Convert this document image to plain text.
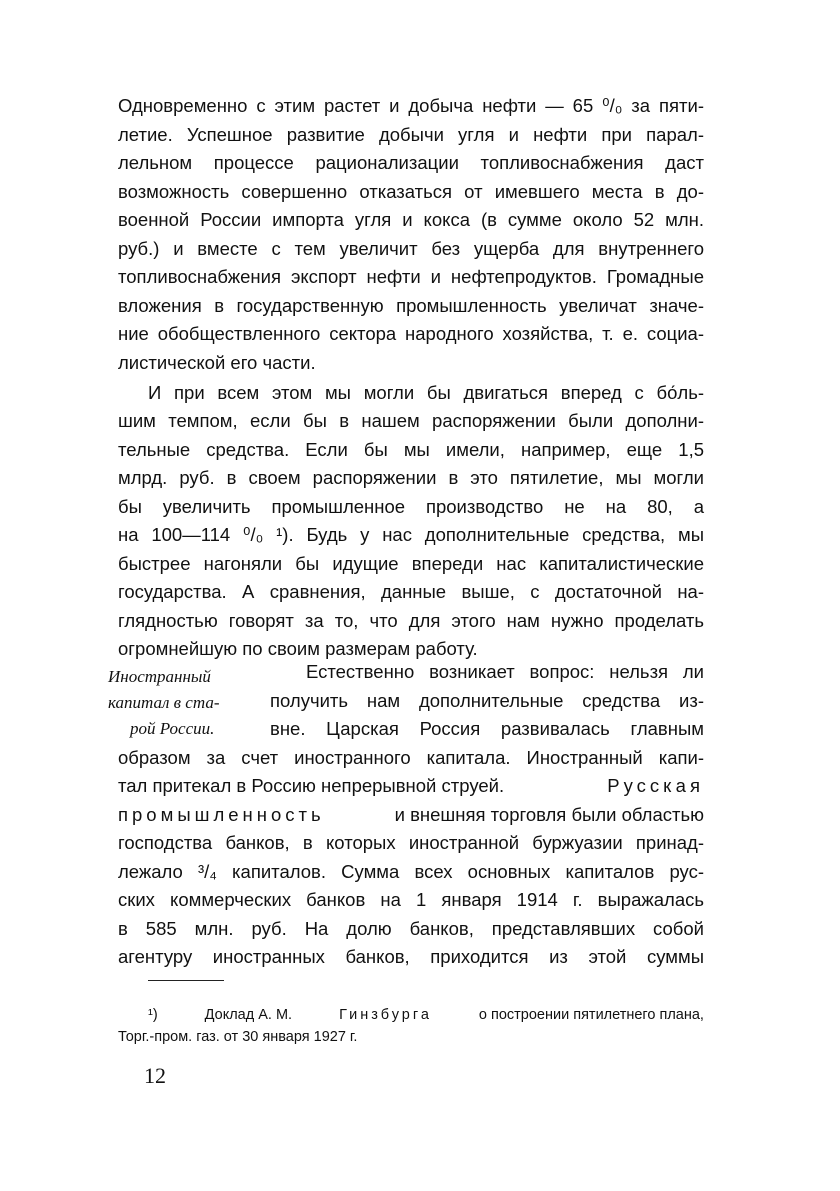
Одновременно с этим растет и добыча нефти — 65 ⁰/₀ за пяти-
летие. Успешное развитие добычи угля и нефти при парал-
лельном процессе рационализации топливоснабжения даст
возможность совершенно отказаться от имевшего места в до-
военной России импорта угля и кокса (в сумме около 52 млн.
руб.) и вместе с тем увеличит без ущерба для внутреннего
топливоснабжения экспорт нефти и нефтепродуктов. Громадные
вложения в государственную промышленность увеличат значе-
ние обобществленного сектора народного хозяйства, т. е. социа-
листической его части.
И при всем этом мы могли бы двигаться вперед с бо́ль-
шим темпом, если бы в нашем распоряжении были дополни-
тельные средства. Если бы мы имели, например, еще 1,5
млрд. руб. в своем распоряжении в это пятилетие, мы могли
бы увеличить промышленное производство не на 80, а
на 100—114 ⁰/₀ ¹). Будь у нас дополнительные средства, мы
быстрее нагоняли бы идущие впереди нас капиталистические
государства. А сравнения, данные выше, с достаточной на-
глядностью говорят за то, что для этого нам нужно проделать
огромнейшую по своим размерам работу.
Иностранный
капитал в ста-
рой России.
Естественно возникает вопрос: нельзя ли
получить нам дополнительные средства из-
вне. Царская Россия развивалась главным
образом за счет иностранного капитала. Иностранный капи-
тал притекал в Россию непрерывной струей.	Русская
промышленность	и внешняя торговля были областью
господства банков, в которых иностранной буржуазии принад-
лежало ³/₄ капиталов. Сумма всех основных капиталов рус-
ских коммерческих банков на 1 января 1914 г. выражалась
в 585 млн. руб. На долю банков, представлявших собой
агентуру иностранных банков, приходится из этой суммы
¹)	Доклад А. М.	Гинзбурга	о построении пятилетнего плана,
Торг.-пром. газ. от 30 января 1927 г.
12
